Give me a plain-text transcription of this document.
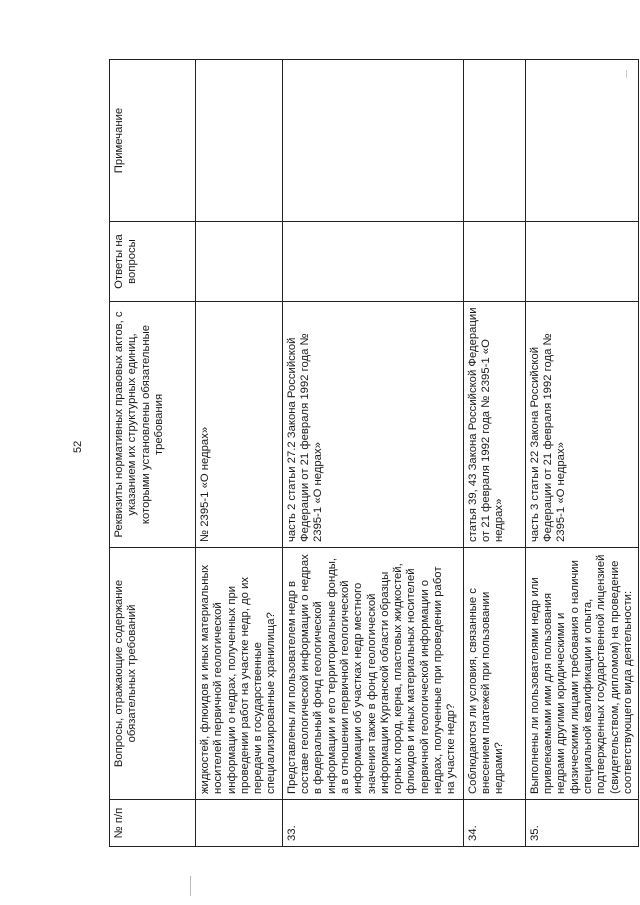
52
№ п/п	Вопросы, отражающие содержание обязательных требований	Реквизиты нормативных правовых актов, с указанием их структурных единиц, которыми установлены обязательные требования	Ответы на вопросы	Примечание
	жидкостей, флюидов и иных материальных носителей первичной геологической информации о недрах, полученных при проведении работ на участке недр, до их передачи в государственные специализированные хранилища?	№ 2395-1 «О недрах»		
33.	Представлены ли пользователем недр в составе геологической информации о недрах в федеральный фонд геологической информации и его территориальные фонды, а в отношении первичной геологической информации об участках недр местного значения также в фонд геологической информации Курганской области образцы горных пород, керна, пластовых жидкостей, флюидов и иных материальных носителей первичной геологической информации о недрах, полученные при проведении работ на участке недр?	часть 2 статьи 27.2 Закона Российской Федерации от 21 февраля 1992 года № 2395-1 «О недрах»		
34.	Соблюдаются ли условия, связанные с внесением платежей при пользовании недрами?	статья 39, 43 Закона Российской Федерации от 21 февраля 1992 года № 2395-1 «О недрах»		
35.	Выполнены ли пользователями недр или привлекаемыми ими для пользования недрами другими юридическими и физическими лицами требования о наличии специальной квалификации и опыта, подтвержденных государственной лицензией (свидетельством, дипломом) на проведение соответствующего вида деятельности:	часть 3 статьи 22 Закона Российской Федерации от 21 февраля 1992 года № 2395-1 «О недрах»		
